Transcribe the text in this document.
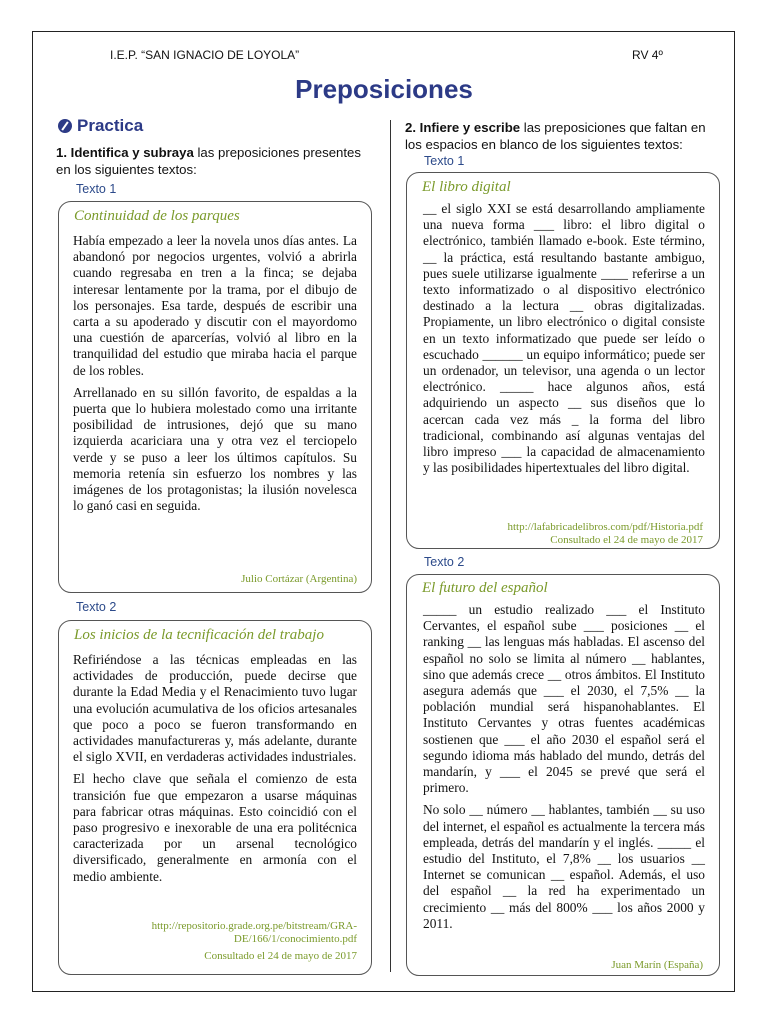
I.E.P. “SAN IGNACIO DE LOYOLA”	RV 4º
Preposiciones
Practica
1. Identifica y subraya las preposiciones presentes en los siguientes textos:
2. Infiere y escribe las preposiciones que faltan en los espacios en blanco de los siguientes textos:
Texto 1
Continuidad de los parques

Había empezado a leer la novela unos días antes. La abandonó por negocios urgentes, volvió a abrirla cuando regresaba en tren a la finca; se dejaba interesar lentamente por la trama, por el dibujo de los personajes. Esa tarde, después de escribir una carta a su apoderado y discutir con el mayordomo una cuestión de aparcerías, volvió al libro en la tranquilidad del estudio que miraba hacia el parque de los robles.

Arrellanado en su sillón favorito, de espaldas a la puerta que lo hubiera molestado como una irritante posibilidad de intrusiones, dejó que su mano izquierda acariciara una y otra vez el terciopelo verde y se puso a leer los últimos capítulos. Su memoria retenía sin esfuerzo los nombres y las imágenes de los protagonistas; la ilusión novelesca lo ganó casi en seguida.

Julio Cortázar (Argentina)
Texto 2
Los inicios de la tecnificación del trabajo

Refiriéndose a las técnicas empleadas en las actividades de producción, puede decirse que durante la Edad Media y el Renacimiento tuvo lugar una evolución acumulativa de los oficios artesanales que poco a poco se fueron transformando en actividades manufactureras y, más adelante, durante el siglo XVII, en verdaderas actividades industriales.

El hecho clave que señala el comienzo de esta transición fue que empezaron a usarse máquinas para fabricar otras máquinas. Esto coincidió con el paso progresivo e inexorable de una era politécnica caracterizada por un arsenal tecnológico diversificado, generalmente en armonía con el medio ambiente.

http://repositorio.grade.org.pe/bitstream/GRA-
DE/166/1/conocimiento.pdf
Consultado el 24 de mayo de 2017
Texto 1
El libro digital

__ el siglo XXI se está desarrollando ampliamente una nueva forma ___ libro: el libro digital o electrónico, también llamado e-book. Este término, __ la práctica, está resultando bastante ambiguo, pues suele utilizarse igualmente ____ referirse a un texto informatizado o al dispositivo electrónico destinado a la lectura __ obras digitalizadas. Propiamente, un libro electrónico o digital consiste en un texto informatizado que puede ser leído o escuchado ______ un equipo informático; puede ser un ordenador, un televisor, una agenda o un lector electrónico. _____ hace algunos años, está adquiriendo un aspecto __ sus diseños que lo acercan cada vez más _ la forma del libro tradicional, combinando así algunas ventajas del libro impreso ___ la capacidad de almacenamiento y las posibilidades hipertextuales del libro digital.

http://lafabricadelibros.com/pdf/Historia.pdf
Consultado el 24 de mayo de 2017
Texto 2
El futuro del español

_____ un estudio realizado ___ el Instituto Cervantes, el español sube ___ posiciones __ el ranking __ las lenguas más habladas. El ascenso del español no solo se limita al número __ hablantes, sino que además crece __ otros ámbitos. El Instituto asegura además que ___ el 2030, el 7,5% __ la población mundial será hispanohablantes. El Instituto Cervantes y otras fuentes académicas sostienen que ___ el año 2030 el español será el segundo idioma más hablado del mundo, detrás del mandarín, y ___ el 2045 se prevé que será el primero.

No solo __ número __ hablantes, también __ su uso del internet, el español es actualmente la tercera más empleada, detrás del mandarín y el inglés. _____ el estudio del Instituto, el 7,8% __ los usuarios __ Internet se comunican __ español. Además, el uso del español __ la red ha experimentado un crecimiento __ más del 800% ___ los años 2000 y 2011.

Juan Marín (España)
